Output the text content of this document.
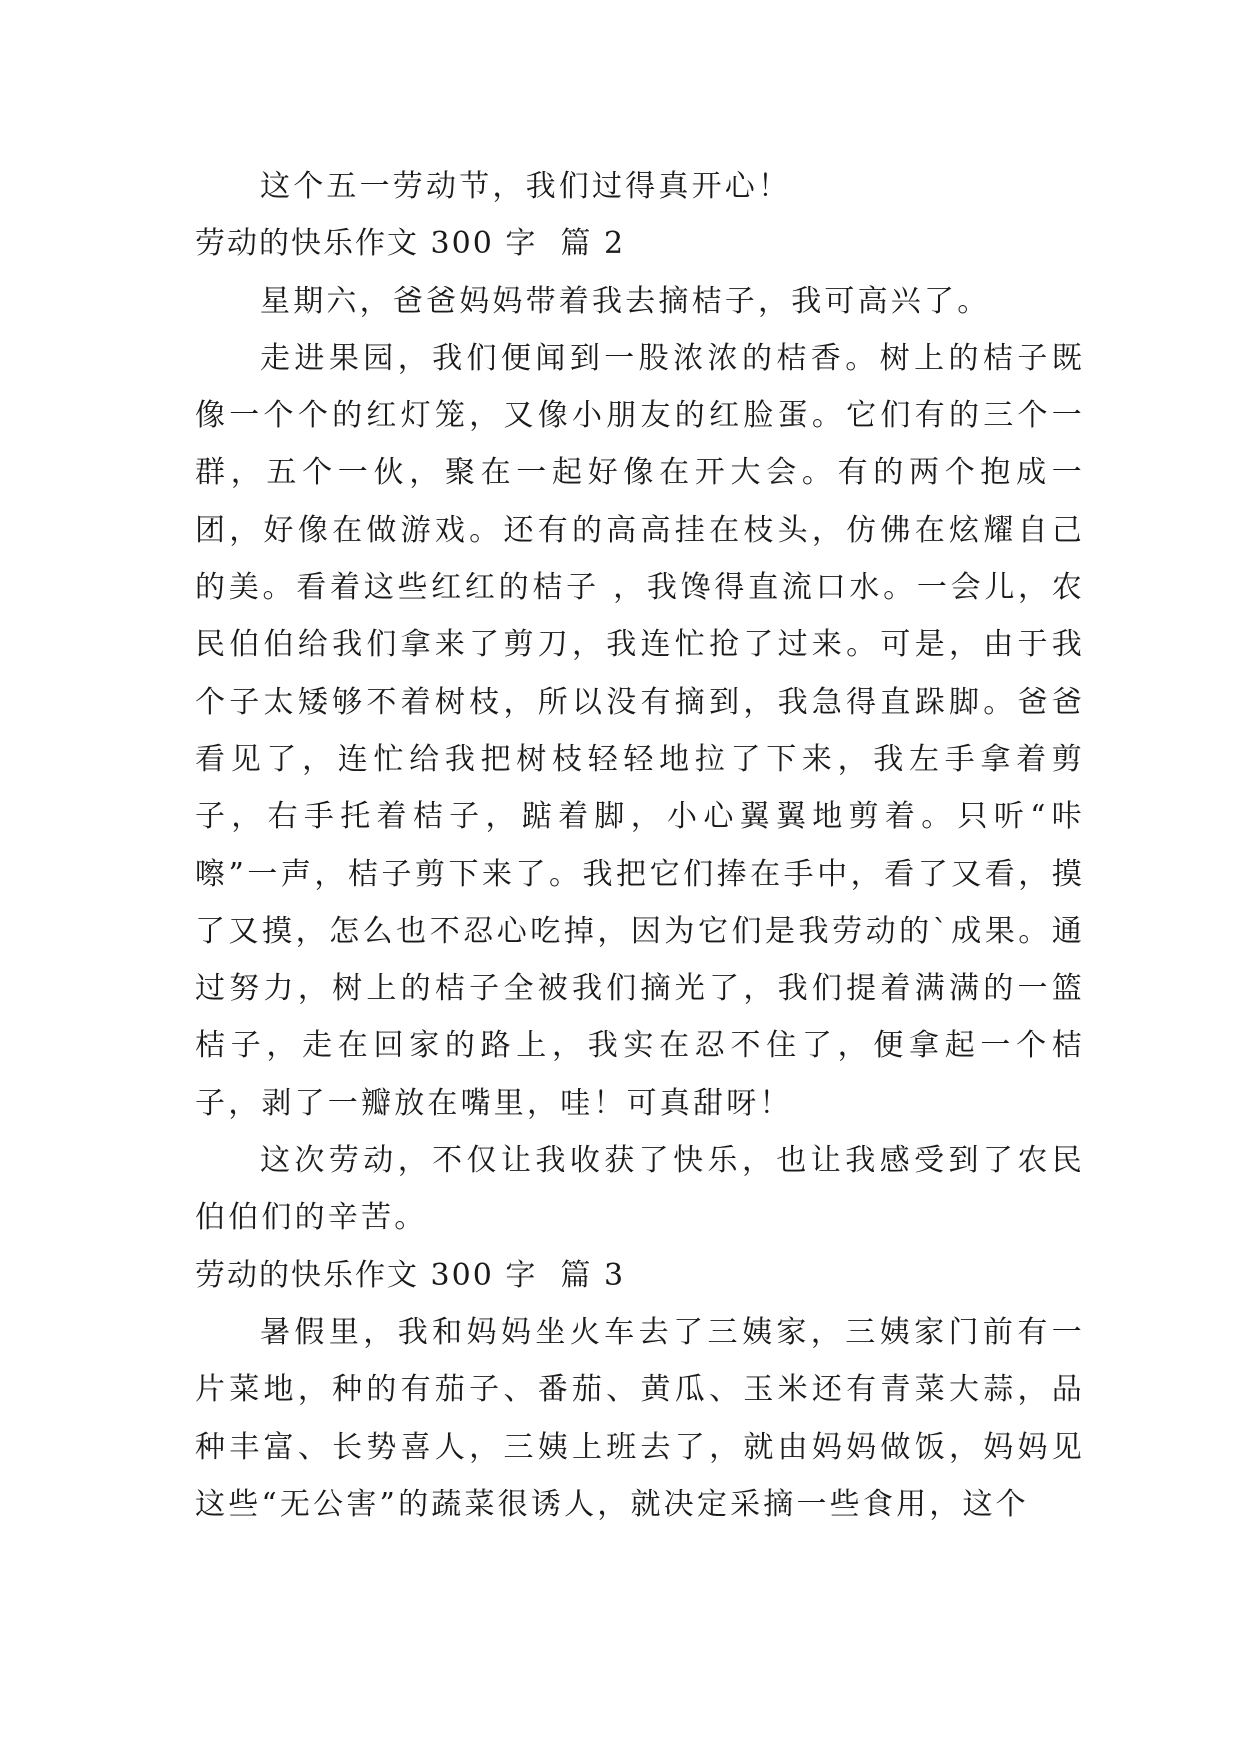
这个五一劳动节，我们过得真开心！

劳动的快乐作文 300 字  篇 2

星期六，爸爸妈妈带着我去摘桔子，我可高兴了。

走进果园，我们便闻到一股浓浓的桔香。树上的桔子既像一个个的红灯笼，又像小朋友的红脸蛋。它们有的三个一群，五个一伙，聚在一起好像在开大会。有的两个抱成一团，好像在做游戏。还有的高高挂在枝头，仿佛在炫耀自己的美。看着这些红红的桔子 ，我馋得直流口水。一会儿，农民伯伯给我们拿来了剪刀，我连忙抢了过来。可是，由于我个子太矮够不着树枝，所以没有摘到，我急得直跺脚。爸爸看见了，连忙给我把树枝轻轻地拉了下来，我左手拿着剪子，右手托着桔子，踮着脚，小心翼翼地剪着。只听“咔嚓”一声，桔子剪下来了。我把它们捧在手中，看了又看，摸了又摸，怎么也不忍心吃掉，因为它们是我劳动的`成果。通过努力，树上的桔子全被我们摘光了，我们提着满满的一篮桔子，走在回家的路上，我实在忍不住了，便拿起一个桔子，剥了一瓣放在嘴里，哇！可真甜呀！

这次劳动，不仅让我收获了快乐，也让我感受到了农民伯伯们的辛苦。

劳动的快乐作文 300 字  篇 3

暑假里，我和妈妈坐火车去了三姨家，三姨家门前有一片菜地，种的有茄子、番茄、黄瓜、玉米还有青菜大蒜，品种丰富、长势喜人，三姨上班去了，就由妈妈做饭，妈妈见这些“无公害”的蔬菜很诱人，就决定采摘一些食用，这个
